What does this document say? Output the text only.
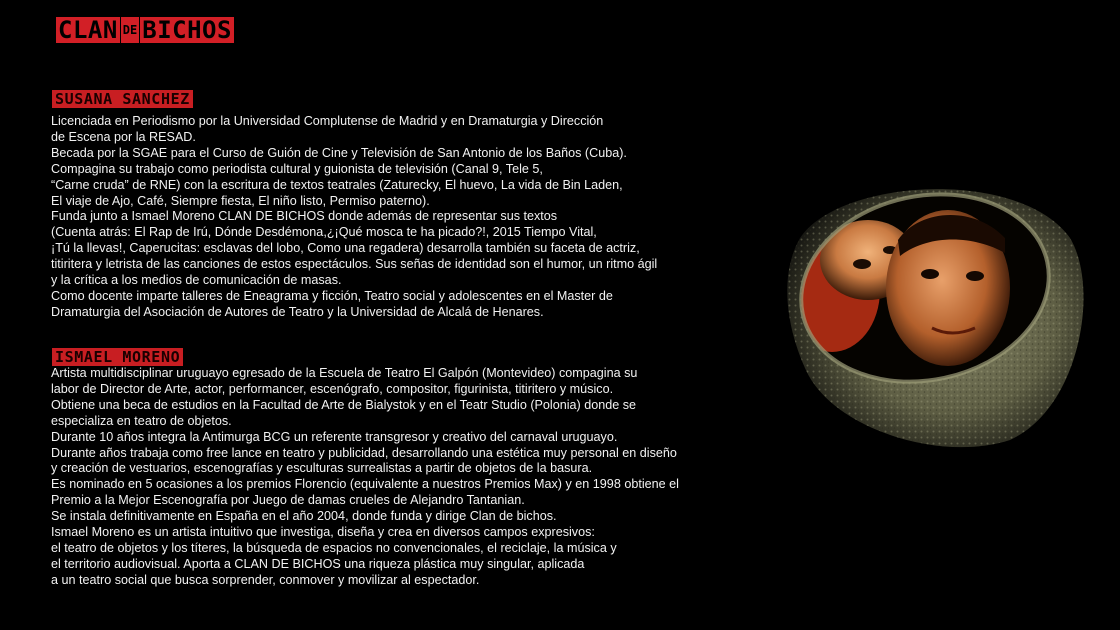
CLAN DE BICHOS
SUSANA SANCHEZ
Licenciada en Periodismo por la Universidad Complutense de Madrid y en Dramaturgia y Dirección
de Escena por la RESAD.
Becada por la SGAE para el Curso de Guión de Cine y Televisión de San Antonio de los Baños (Cuba).
Compagina su trabajo como periodista cultural y guionista de televisión (Canal 9, Tele 5,
“Carne cruda” de RNE) con la escritura de textos teatrales (Zaturecky, El huevo, La vida de Bin Laden,
El viaje de Ajo, Café, Siempre fiesta, El niño listo, Permiso paterno).
Funda junto a Ismael Moreno CLAN DE BICHOS donde además de representar sus textos
(Cuenta atrás: El Rap de Irú, Dónde Desdémona,¿¡Qué mosca te ha picado?!, 2015 Tiempo Vital,
¡Tú la llevas!, Caperucitas: esclavas del lobo, Como una regadera) desarrolla también su faceta de actriz,
titiritera y letrista de las canciones de estos espectáculos. Sus señas de identidad son el humor, un ritmo ágil
y la crítica a los medios de comunicación de masas.
Como docente imparte talleres de Eneagrama y ficción, Teatro social y adolescentes en el Master de
Dramaturgia del Asociación de Autores de Teatro y la Universidad de Alcalá de Henares.
ISMAEL MORENO
Artista multidisciplinar uruguayo egresado de la Escuela de Teatro El Galpón (Montevideo) compagina su
labor de Director de Arte, actor, performancer, escenógrafo, compositor, figurinista, titiritero y músico.
Obtiene una beca de estudios en la Facultad de Arte de Bialystok y en el Teatr Studio (Polonia) donde se
especializa en teatro de objetos.
Durante 10 años integra la Antimurga BCG un referente transgresor y creativo del carnaval uruguayo.
Durante años trabaja como free lance en teatro y publicidad, desarrollando una estética muy personal en diseño
y creación de vestuarios, escenografías y esculturas surrealistas a partir de objetos de la basura.
Es nominado en 5 ocasiones a los premios Florencio (equivalente a nuestros Premios Max) y en 1998 obtiene el
Premio a la Mejor Escenografía por Juego de damas crueles de Alejandro Tantanian.
Se instala definitivamente en España en el año 2004, donde funda y dirige Clan de bichos.
Ismael Moreno es un artista intuitivo que investiga, diseña y crea en diversos campos expresivos:
el teatro de objetos y los títeres, la búsqueda de espacios no convencionales, el reciclaje, la música y
el territorio audiovisual. Aporta a CLAN DE BICHOS una riqueza plástica muy singular, aplicada
a un teatro social que busca sorprender, conmover y movilizar al espectador.
